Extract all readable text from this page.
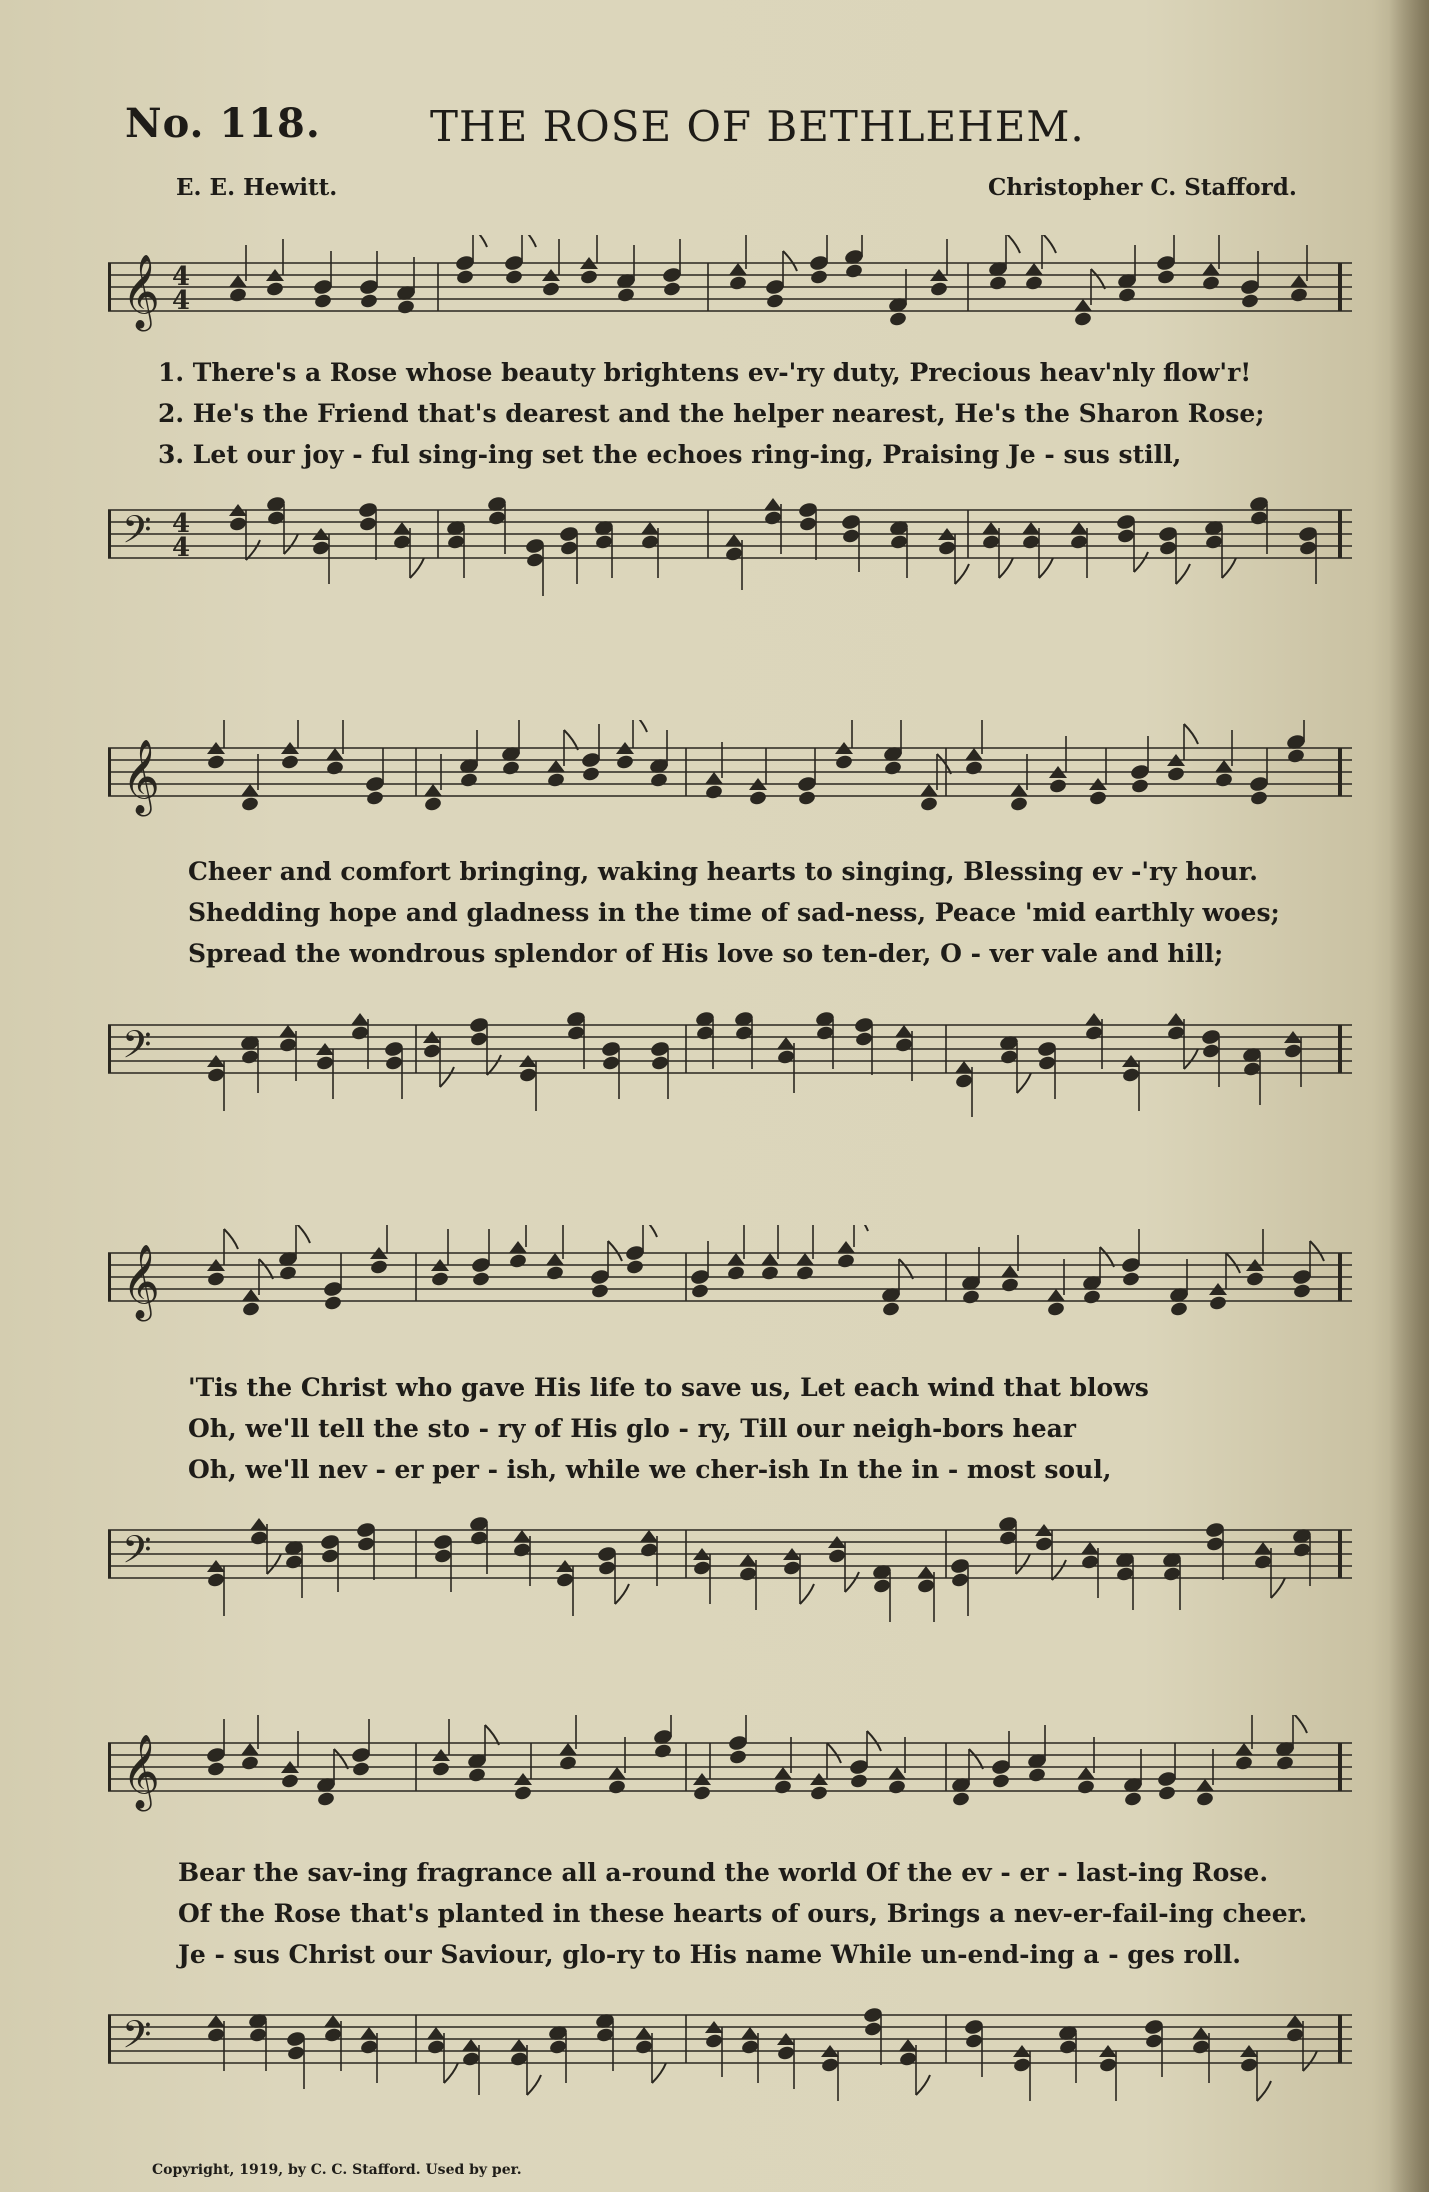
No. 118.	THE ROSE OF BETHLEHEM.
E. E. Hewitt.	Christopher C. Stafford.
𝄞 4
4
1. There's a Rose whose beauty brightens ev-'ry duty, Precious heav'nly flow'r!
2. He's the Friend that's dearest and the helper nearest, He's the Sharon Rose;
3. Let our joy - ful sing-ing set the echoes ring-ing, Praising Je - sus still,
𝄢 4
4
𝄞
Cheer and comfort bringing, waking hearts to singing, Blessing ev -'ry hour.
Shedding hope and gladness in the time of sad-ness, Peace 'mid earthly woes;
Spread the wondrous splendor of His love so ten-der, O - ver vale and hill;
𝄢
𝄞
'Tis the Christ who gave His life to save us, Let each wind that blows
Oh, we'll tell the sto - ry of His glo - ry, Till our neigh-bors hear
Oh, we'll nev - er per - ish, while we cher-ish In the in - most soul,
𝄢
𝄞
Bear the sav-ing fragrance all a-round the world Of the ev - er - last-ing Rose.
Of the Rose that's planted in these hearts of ours, Brings a nev-er-fail-ing cheer.
Je - sus Christ our Saviour, glo-ry to His name While un-end-ing a - ges roll.
𝄢
Copyright, 1919, by C. C. Stafford. Used by per.
